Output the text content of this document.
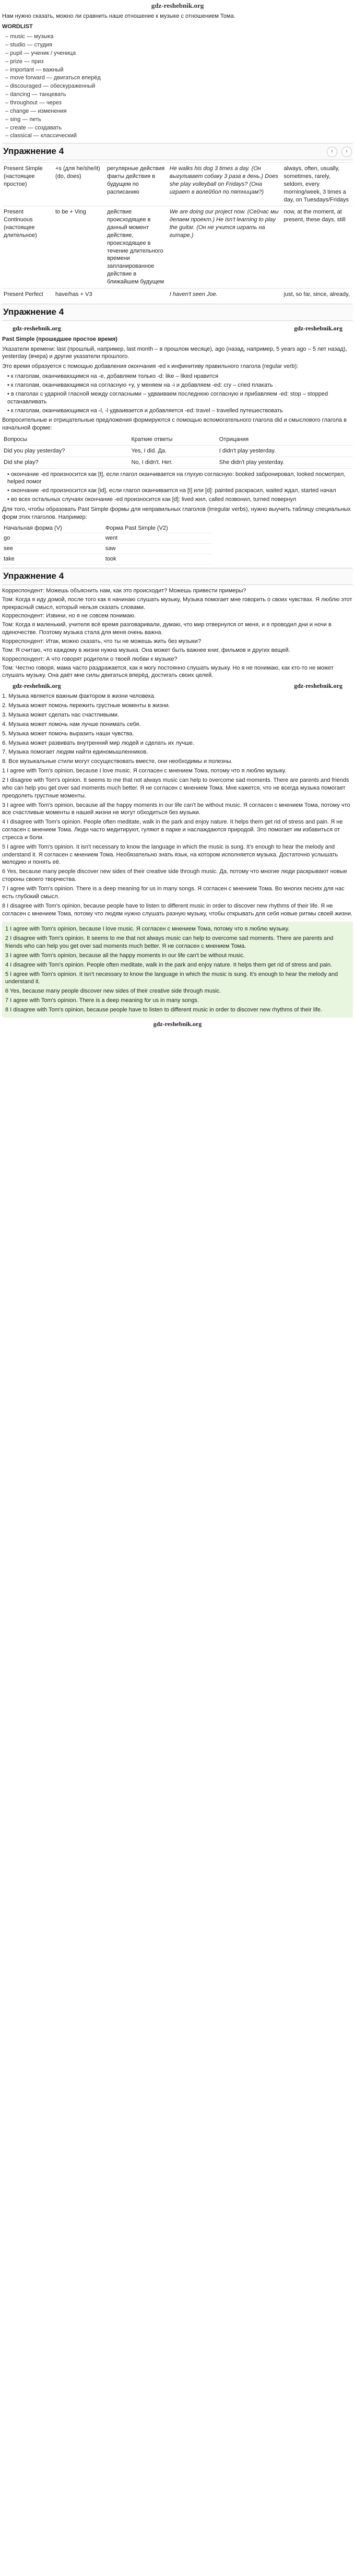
gdz-reshebnik.org

Нам нужно сказать, можно ли сравнить наше отношение к музыке с отношением Тома.

WORDLIST
– music — музыка
– studio — студия
– pupil — ученик / ученица
– prize — приз
– important — важный
– move forward — двигаться вперёд
– discouraged — обескураженный
– dancing — танцевать
– throughout — через
– change — изменения
– sing — петь
– create — создавать
– classical — классический
Упражнение 4	‹	›
Present Simple (настоящее простое)	+s (для he/she/it) (do, does)	регулярные действия факты действия в будущем по расписанию	He walks his dog 3 times a day. (Он выгуливает собаку 3 раза в день.) Does she play volleyball on Fridays? (Она играет в волейбол по пятницам?)	always, often, usually, sometimes, rarely, seldom, every morning/week, 3 times a day, on Tuesdays/Fridays
Present Continuous (настоящее длительное)	to be + Ving	действие происходящее в данный момент действие, происходящее в течение длительного времени запланированное действие в ближайшем будущем	We are doing our project now. (Сейчас мы делаем проект.) He isn't learning to play the guitar. (Он не учится играть на гитаре.)	now, at the moment, at present, these days, still
Present Perfect	have/has + V3		I haven't seen Joe.	just, so far, since, already,
Упражнение 4
gdz-reshebnik.org	gdz-reshebnik.org

Past Simple (прошедшее простое время)

Указатели времени: last (прошлый, например, last month – в прошлом месяце), ago (назад, например, 5 years ago – 5 лет назад), yesterday (вчера) и другие указатели прошлого.

Это время образуется с помощью добавления окончания -ed к инфинитиву правильного глагола (regular verb):

• к глаголам, оканчивающимся на -e, добавляем только -d: like – liked нравится
• к глаголам, оканчивающимся на согласную +y, y меняем на -i и добавляем -ed: cry – cried плакать
• в глаголах с ударной гласной между согласными – удваиваем последнюю согласную и прибавляем -ed: stop – stopped останавливать
• к глаголам, оканчивающимся на -l, -l удваивается и добавляется -ed: travel – travelled путешествовать

Вопросительные и отрицательные предложения формируются с помощью вспомогательного глагола did и смыслового глагола в начальной форме:

Вопросы	Краткие ответы	Отрицания
Did you play yesterday?	Yes, I did. Да.	I didn't play yesterday.
Did she play?	No, I didn't. Нет.	She didn't play yesterday.
• окончание -ed произносится как [t], если глагол оканчивается на глухую согласную: booked забронировал, looked посмотрел, helped помог
• окончание -ed произносится как [id], если глагол оканчивается на [t] или [d]: painted раскрасил, waited ждал, started начал
• во всех остальных случаях окончание -ed произносится как [d]: lived жил, called позвонил, turned повернул

Для того, чтобы образовать Past Simple формы для неправильных глаголов (irregular verbs), нужно выучить таблицу специальных форм этих глаголов. Например:

Начальная форма (V)	Форма Past Simple (V2)
go	went
see	saw
take	took
Упражнение 4

Корреспондент: Можешь объяснить нам, как это происходит? Можешь привести примеры?

Том: Когда я иду домой, после того как я начинаю слушать музыку, Музыка помогает мне говорить о своих чувствах. Я люблю этот прекрасный смысл, который нельзя сказать словами.

Корреспондент: Извини, но я не совсем понимаю.

Том: Когда я маленький, учителя всё время разговаривали, думаю, что мир отвернулся от меня, и я проводил дни и ночи в одиночестве. Поэтому музыка стала для меня очень важна.

Корреспондент: Итак, можно сказать, что ты не можешь жить без музыки?

Том: Я считаю, что каждому в жизни нужна музыка. Она может быть важнее книг, фильмов и других вещей.

Корреспондент: А что говорят родители о твоей любви к музыке?

Том: Честно говоря, мама часто раздражается, как я могу постоянно слушать музыку. Но я не понимаю, как кто-то не может слушать музыку. Она даёт мне силы двигаться вперёд, достигать своих целей.

gdz-reshebnik.org	gdz-reshebnik.org

1. Музыка является важным фактором в жизни человека.

2. Музыка может помочь пережить грустные моменты в жизни.

3. Музыка может сделать нас счастливыми.

4. Музыка может помочь нам лучше понимать себя.

5. Музыка может помочь выразить наши чувства.

6. Музыка может развивать внутренний мир людей и сделать их лучше.

7. Музыка помогает людям найти единомышленников.

8. Все музыкальные стили могут сосуществовать вместе, они необходимы и полезны.

1 I agree with Tom's opinion, because I love music. Я согласен с мнением Тома, потому что я люблю музыку.

2 I disagree with Tom's opinion. It seems to me that not always music can help to overcome sad moments. There are parents and friends who can help you get over sad moments much better. Я не согласен с мнением Тома. Мне кажется, что не всегда музыка помогает преодолеть грустные моменты.

3 I agree with Tom's opinion, because all the happy moments in our life can't be without music. Я согласен с мнением Тома, потому что все счастливые моменты в нашей жизни не могут обходиться без музыки.

4 I disagree with Tom's opinion. People often meditate, walk in the park and enjoy nature. It helps them get rid of stress and pain. Я не согласен с мнением Тома. Люди часто медитируют, гуляют в парке и наслаждаются природой. Это помогает им избавиться от стресса и боли.

5 I agree with Tom's opinion. It isn't necessary to know the language in which the music is sung. It's enough to hear the melody and understand it. Я согласен с мнением Тома. Необязательно знать язык, на котором исполняется музыка. Достаточно услышать мелодию и понять её.

6 Yes, because many people discover new sides of their creative side through music. Да, потому что многие люди раскрывают новые стороны своего творчества.

7 I agree with Tom's opinion. There is a deep meaning for us in many songs. Я согласен с мнением Тома. Во многих песнях для нас есть глубокий смысл.

8 I disagree with Tom's opinion, because people have to listen to different music in order to discover new rhythms of their life. Я не согласен с мнением Тома, потому что людям нужно слушать разную музыку, чтобы открывать для себя новые ритмы своей жизни.

1 I agree with Tom's opinion, because I love music. Я согласен с мнением Тома, потому что я люблю музыку.

2 I disagree with Tom's opinion. It seems to me that not always music can help to overcome sad moments. There are parents and friends who can help you get over sad moments much better. Я не согласен с мнением Тома.

3 I agree with Tom's opinion, because all the happy moments in our life can't be without music.

4 I disagree with Tom's opinion. People often meditate, walk in the park and enjoy nature. It helps them get rid of stress and pain.

5 I agree with Tom's opinion. It isn't necessary to know the language in which the music is sung. It's enough to hear the melody and understand it.

6 Yes, because many people discover new sides of their creative side through music.

7 I agree with Tom's opinion. There is a deep meaning for us in many songs.

8 I disagree with Tom's opinion, because people have to listen to different music in order to discover new rhythms of their life.

gdz-reshebnik.org
